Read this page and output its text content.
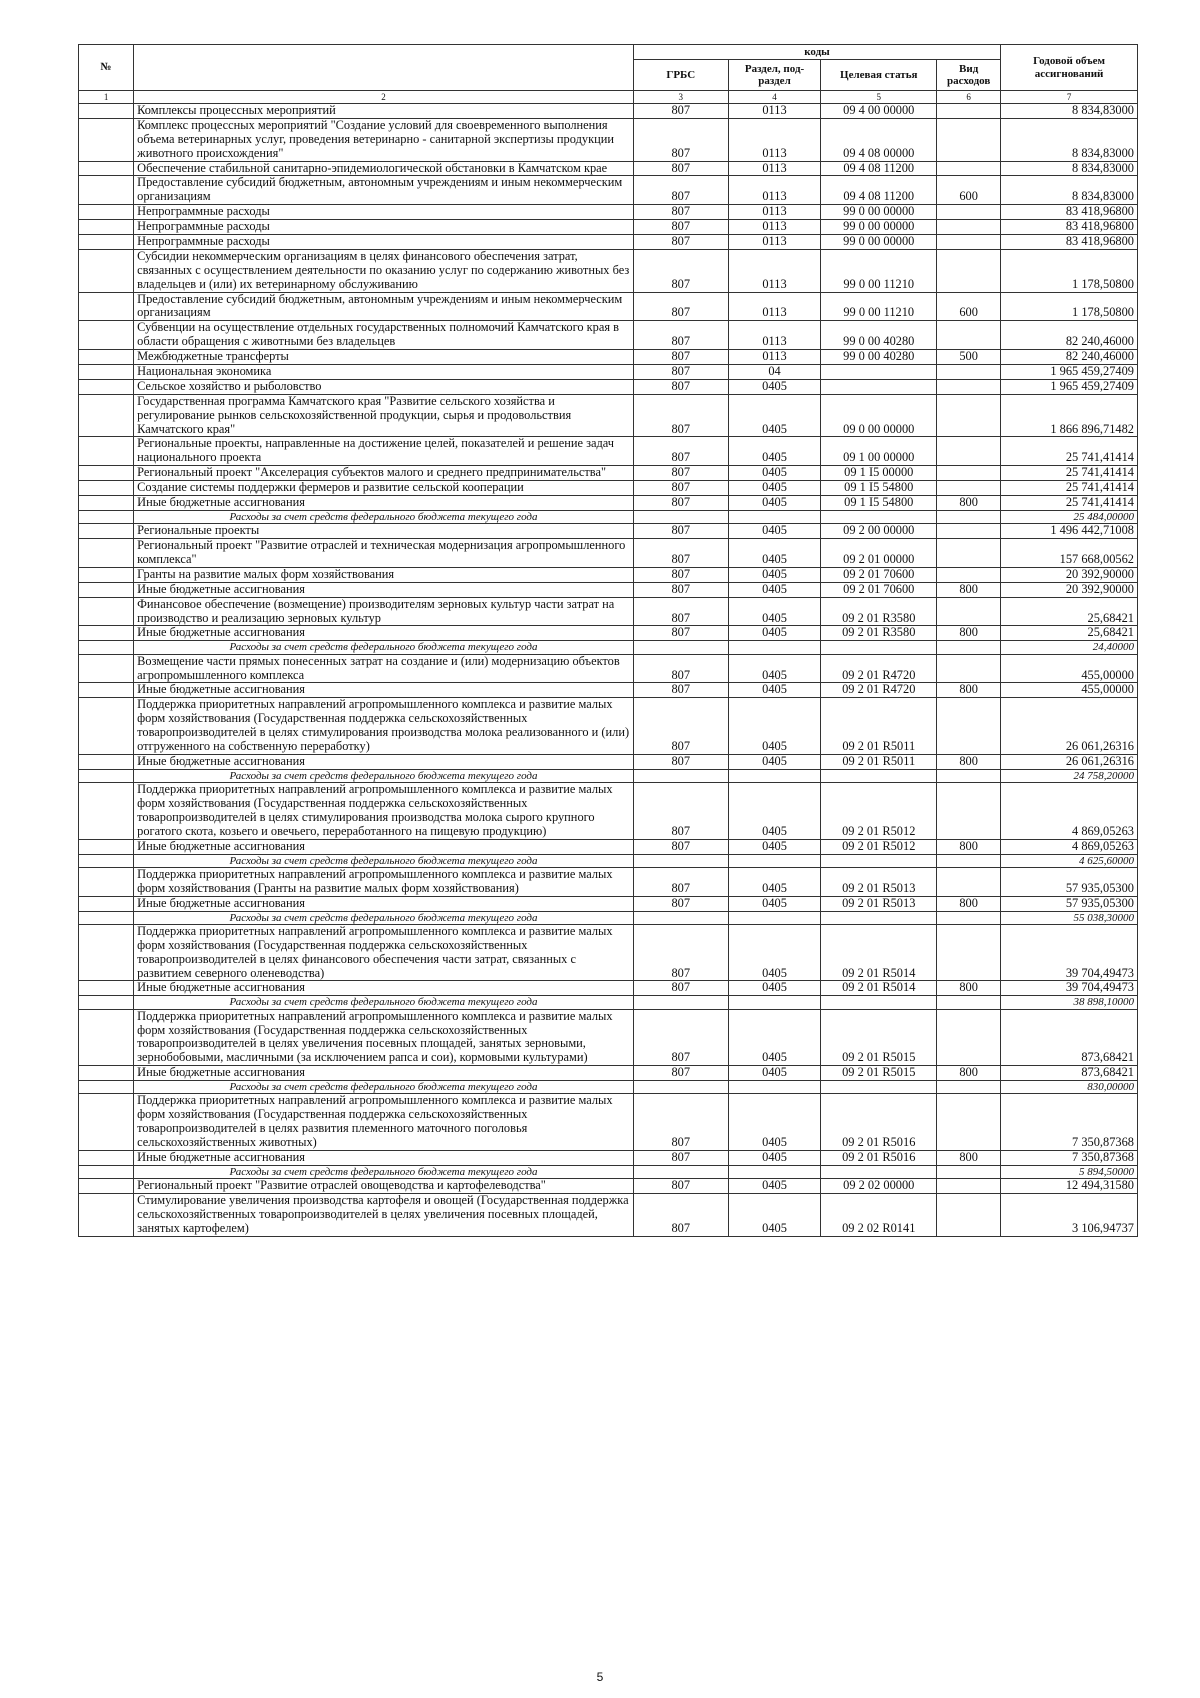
№		коды				Годовой объем ассигнований
		ГРБС	Раздел, под-раздел	Целевая статья	Вид расходов	
1	2	3	4	5	6	7
	Комплексы процессных мероприятий	807	0113	09 4 00 00000		8 834,83000
	Комплекс процессных мероприятий "Создание условий для своевременного выполнения объема ветеринарных услуг, проведения ветеринарно - санитарной экспертизы продукции животного происхождения"	807	0113	09 4 08 00000		8 834,83000
	Обеспечение стабильной санитарно-эпидемиологической обстановки в Камчатском крае	807	0113	09 4 08 11200		8 834,83000
	Предоставление субсидий бюджетным, автономным учреждениям и иным некоммерческим организациям	807	0113	09 4 08 11200	600	8 834,83000
	Непрограммные расходы	807	0113	99 0 00 00000		83 418,96800
	Непрограммные расходы	807	0113	99 0 00 00000		83 418,96800
	Непрограммные расходы	807	0113	99 0 00 00000		83 418,96800
	Субсидии некоммерческим организациям в целях финансового обеспечения затрат, связанных с осуществлением деятельности по оказанию услуг по содержанию животных без владельцев и (или) их ветеринарному обслуживанию	807	0113	99 0 00 11210		1 178,50800
	Предоставление субсидий бюджетным, автономным учреждениям и иным некоммерческим организациям	807	0113	99 0 00 11210	600	1 178,50800
	Субвенции на осуществление отдельных государственных полномочий Камчатского края в области обращения с животными без владельцев	807	0113	99 0 00 40280		82 240,46000
	Межбюджетные трансферты	807	0113	99 0 00 40280	500	82 240,46000
	Национальная экономика	807	04			1 965 459,27409
	Сельское хозяйство и рыболовство	807	0405			1 965 459,27409
	Государственная программа Камчатского края "Развитие сельского хозяйства и регулирование рынков сельскохозяйственной продукции, сырья и продовольствия Камчатского края"	807	0405	09 0 00 00000		1 866 896,71482
	Региональные проекты, направленные на достижение целей, показателей и решение задач национального проекта	807	0405	09 1 00 00000		25 741,41414
	Региональный проект "Акселерация субъектов малого и среднего предпринимательства"	807	0405	09 1 I5 00000		25 741,41414
	Создание системы поддержки фермеров и развитие сельской кооперации	807	0405	09 1 I5 54800		25 741,41414
	Иные бюджетные ассигнования	807	0405	09 1 I5 54800	800	25 741,41414
	Расходы за счет средств федерального бюджета текущего года					25 484,00000
	Региональные проекты	807	0405	09 2 00 00000		1 496 442,71008
	Региональный проект "Развитие отраслей и техническая модернизация агропромышленного комплекса"	807	0405	09 2 01 00000		157 668,00562
	Гранты на развитие малых форм хозяйствования	807	0405	09 2 01 70600		20 392,90000
	Иные бюджетные ассигнования	807	0405	09 2 01 70600	800	20 392,90000
	Финансовое обеспечение (возмещение) производителям зерновых культур части затрат на производство и реализацию зерновых культур	807	0405	09 2 01 R3580		25,68421
	Иные бюджетные ассигнования	807	0405	09 2 01 R3580	800	25,68421
	Расходы за счет средств федерального бюджета текущего года					24,40000
	Возмещение части прямых понесенных затрат на создание и (или) модернизацию объектов агропромышленного комплекса	807	0405	09 2 01 R4720		455,00000
	Иные бюджетные ассигнования	807	0405	09 2 01 R4720	800	455,00000
	Поддержка приоритетных направлений агропромышленного комплекса и развитие малых форм хозяйствования (Государственная поддержка сельскохозяйственных товаропроизводителей в целях стимулирования производства молока реализованного и (или) отгруженного на собственную переработку)	807	0405	09 2 01 R5011		26 061,26316
	Иные бюджетные ассигнования	807	0405	09 2 01 R5011	800	26 061,26316
	Расходы за счет средств федерального бюджета текущего года					24 758,20000
	Поддержка приоритетных направлений агропромышленного комплекса и развитие малых форм хозяйствования (Государственная поддержка сельскохозяйственных товаропроизводителей в целях стимулирования производства молока сырого крупного рогатого скота, козьего и овечьего, переработанного на пищевую продукцию)	807	0405	09 2 01 R5012		4 869,05263
	Иные бюджетные ассигнования	807	0405	09 2 01 R5012	800	4 869,05263
	Расходы за счет средств федерального бюджета текущего года					4 625,60000
	Поддержка приоритетных направлений агропромышленного комплекса и развитие малых форм хозяйствования (Гранты на развитие малых форм хозяйствования)	807	0405	09 2 01 R5013		57 935,05300
	Иные бюджетные ассигнования	807	0405	09 2 01 R5013	800	57 935,05300
	Расходы за счет средств федерального бюджета текущего года					55 038,30000
	Поддержка приоритетных направлений агропромышленного комплекса и развитие малых форм хозяйствования (Государственная поддержка сельскохозяйственных товаропроизводителей в целях финансового обеспечения части затрат, связанных с развитием северного оленеводства)	807	0405	09 2 01 R5014		39 704,49473
	Иные бюджетные ассигнования	807	0405	09 2 01 R5014	800	39 704,49473
	Расходы за счет средств федерального бюджета текущего года					38 898,10000
	Поддержка приоритетных направлений агропромышленного комплекса и развитие малых форм хозяйствования (Государственная поддержка сельскохозяйственных товаропроизводителей в целях увеличения посевных площадей, занятых зерновыми, зернобобовыми, масличными (за исключением рапса и сои), кормовыми культурами)	807	0405	09 2 01 R5015		873,68421
	Иные бюджетные ассигнования	807	0405	09 2 01 R5015	800	873,68421
	Расходы за счет средств федерального бюджета текущего года					830,00000
	Поддержка приоритетных направлений агропромышленного комплекса и развитие малых форм хозяйствования (Государственная поддержка сельскохозяйственных товаропроизводителей в целях развития племенного маточного поголовья сельскохозяйственных животных)	807	0405	09 2 01 R5016		7 350,87368
	Иные бюджетные ассигнования	807	0405	09 2 01 R5016	800	7 350,87368
	Расходы за счет средств федерального бюджета текущего года					5 894,50000
	Региональный проект "Развитие отраслей овощеводства и картофелеводства"	807	0405	09 2 02 00000		12 494,31580
	Стимулирование увеличения производства картофеля и овощей (Государственная поддержка сельскохозяйственных товаропроизводителей в целях увеличения посевных площадей, занятых картофелем)	807	0405	09 2 02 R0141		3 106,94737
5
